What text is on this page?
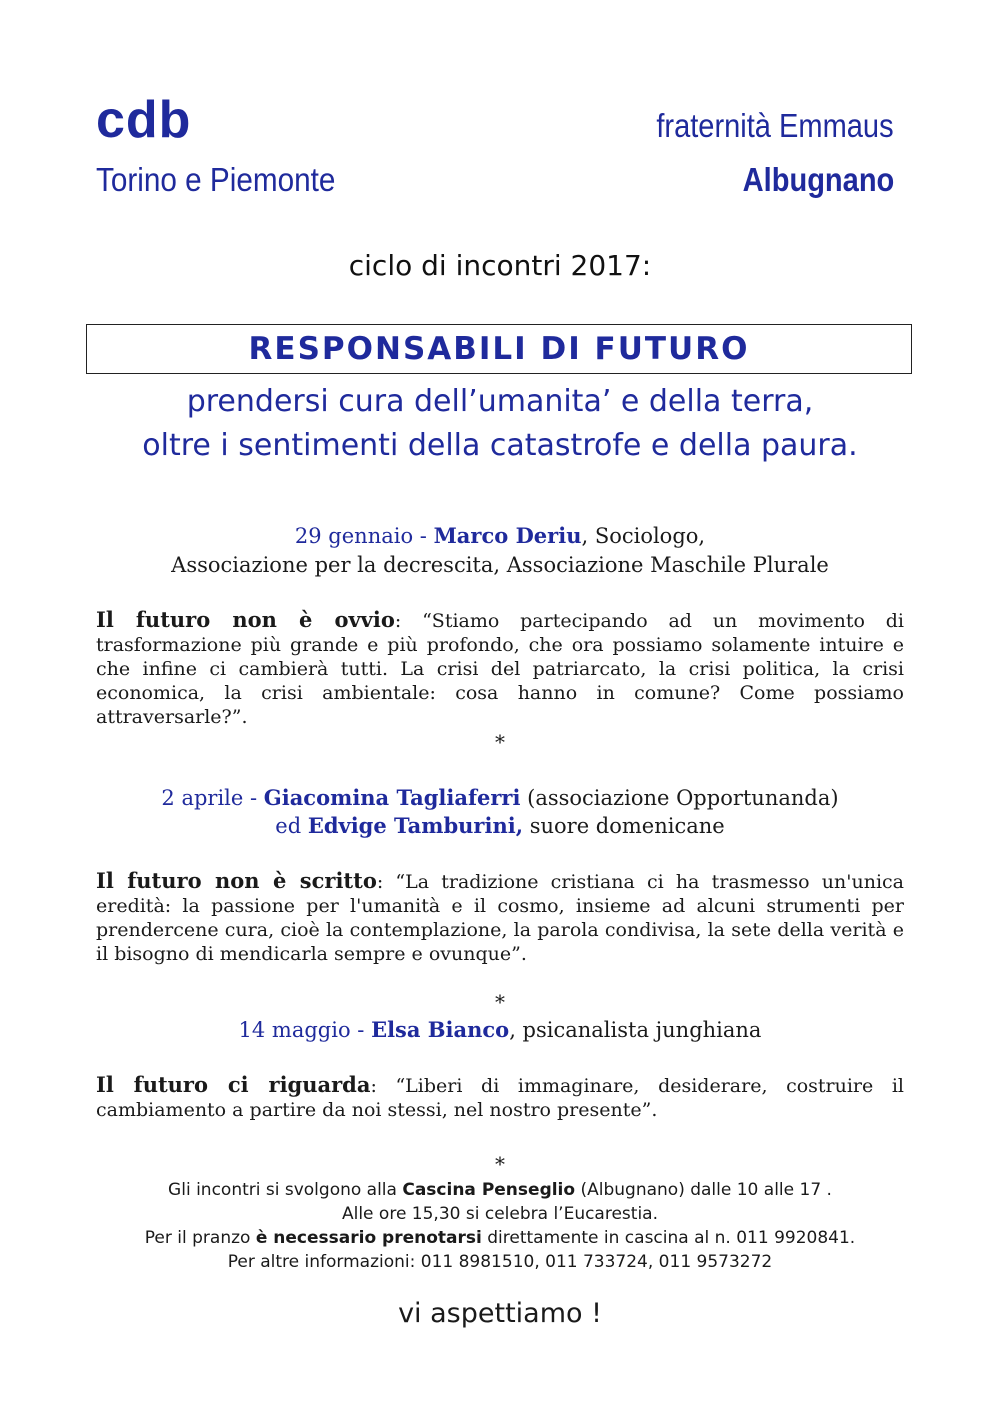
cdb
Torino e Piemonte
fraternità Emmaus
Albugnano
ciclo di incontri 2017:
RESPONSABILI DI FUTURO
prendersi cura dell’umanita’ e della terra,
oltre i sentimenti della catastrofe e della paura.
29 gennaio - Marco Deriu, Sociologo,
Associazione per la decrescita, Associazione Maschile Plurale
Il futuro non è ovvio: “Stiamo partecipando ad un movimento di trasformazione più grande e più profondo, che ora possiamo solamente intuire e che infine ci cambierà tutti. La crisi del patriarcato, la crisi politica, la crisi economica, la crisi ambientale: cosa hanno in comune? Come possiamo attraversarle?”.
*
2 aprile - Giacomina Tagliaferri (associazione Opportunanda)
ed Edvige Tamburini, suore domenicane
Il futuro non è scritto: “La tradizione cristiana ci ha trasmesso un'unica eredità: la passione per l'umanità e il cosmo, insieme ad alcuni strumenti per prendercene cura, cioè la contemplazione, la parola condivisa, la sete della verità e il bisogno di mendicarla sempre e ovunque”.
*
14 maggio - Elsa Bianco, psicanalista junghiana
Il futuro ci riguarda: “Liberi di immaginare, desiderare, costruire il cambiamento a partire da noi stessi, nel nostro presente”.
*
Gli incontri si svolgono alla Cascina Penseglio (Albugnano) dalle 10 alle 17 .
Alle ore 15,30 si celebra l’Eucarestia.
Per il pranzo è necessario prenotarsi direttamente in cascina al n. 011 9920841.
Per altre informazioni: 011 8981510, 011 733724, 011 9573272
vi aspettiamo !
